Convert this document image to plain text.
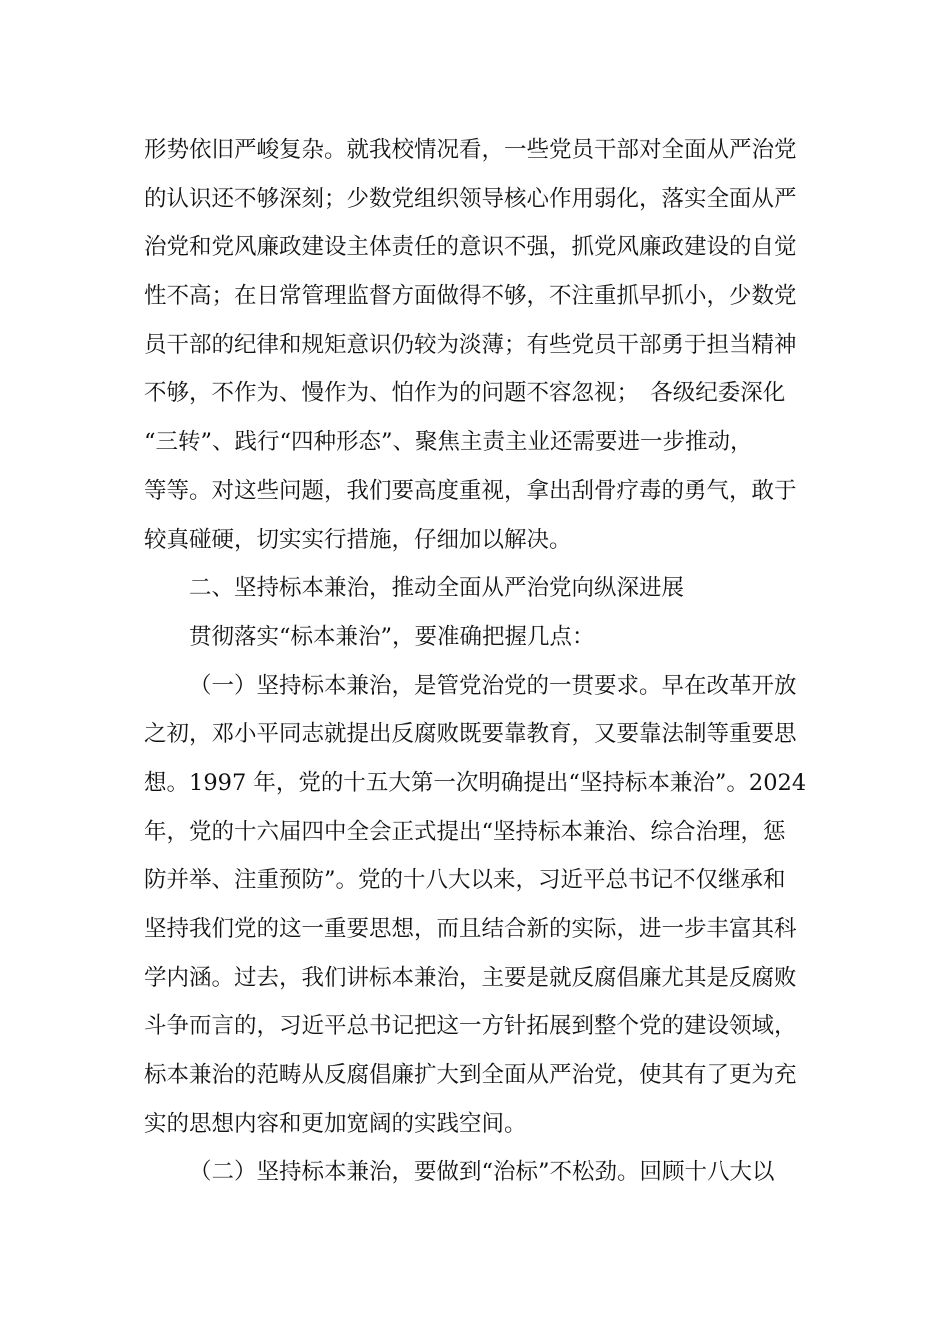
形势依旧严峻复杂。就我校情况看，一些党员干部对全面从严治党
的认识还不够深刻；少数党组织领导核心作用弱化，落实全面从严
治党和党风廉政建设主体责任的意识不强，抓党风廉政建设的自觉
性不高；在日常管理监督方面做得不够，不注重抓早抓小，少数党
员干部的纪律和规矩意识仍较为淡薄；有些党员干部勇于担当精神
不够，不作为、慢作为、怕作为的问题不容忽视；　各级纪委深化
“三转”、践行“四种形态”、聚焦主责主业还需要进一步推动，
等等。对这些问题，我们要高度重视，拿出刮骨疗毒的勇气，敢于
较真碰硬，切实实行措施，仔细加以解决。
二、坚持标本兼治，推动全面从严治党向纵深进展
贯彻落实“标本兼治”，要准确把握几点：
（一）坚持标本兼治，是管党治党的一贯要求。早在改革开放
之初，邓小平同志就提出反腐败既要靠教育，又要靠法制等重要思
想。1997 年，党的十五大第一次明确提出“坚持标本兼治”。2024
年，党的十六届四中全会正式提出“坚持标本兼治、综合治理，惩
防并举、注重预防”。党的十八大以来，习近平总书记不仅继承和
坚持我们党的这一重要思想，而且结合新的实际，进一步丰富其科
学内涵。过去，我们讲标本兼治，主要是就反腐倡廉尤其是反腐败
斗争而言的，习近平总书记把这一方针拓展到整个党的建设领域，
标本兼治的范畴从反腐倡廉扩大到全面从严治党，使其有了更为充
实的思想内容和更加宽阔的实践空间。
（二）坚持标本兼治，要做到“治标”不松劲。回顾十八大以
